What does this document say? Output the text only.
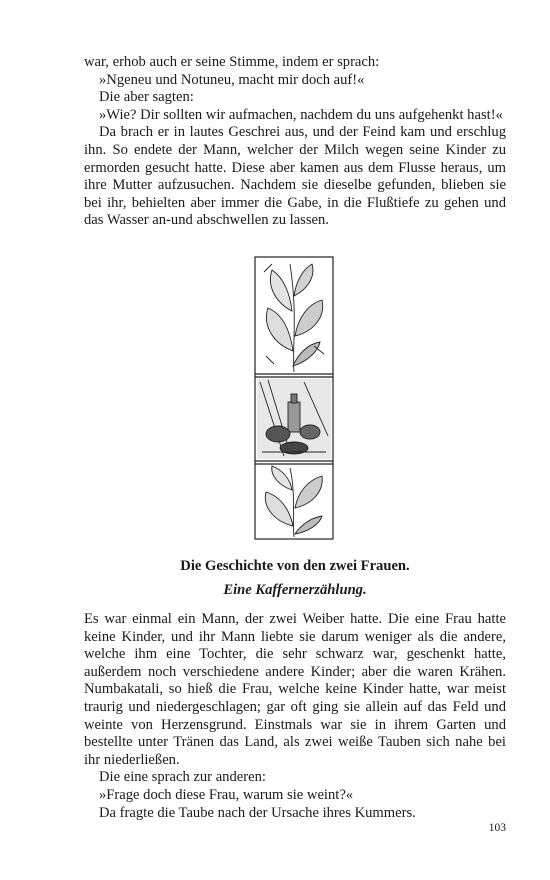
war, erhob auch er seine Stimme, indem er sprach:

»Ngeneu und Notuneu, macht mir doch auf!«

Die aber sagten:

»Wie? Dir sollten wir aufmachen, nachdem du uns aufgehenkt hast!«

Da brach er in lautes Geschrei aus, und der Feind kam und erschlug ihn. So endete der Mann, welcher der Milch wegen seine Kinder zu ermorden gesucht hatte. Diese aber kamen aus dem Flusse heraus, um ihre Mutter aufzusuchen. Nachdem sie dieselbe gefunden, blieben sie bei ihr, behielten aber immer die Gabe, in die Flußtiefe zu gehen und das Wasser an-und abschwellen zu lassen.

Die Geschichte von den zwei Frauen.
Eine Kaffernerzählung.

Es war einmal ein Mann, der zwei Weiber hatte. Die eine Frau hatte keine Kinder, und ihr Mann liebte sie darum weniger als die andere, welche ihm eine Tochter, die sehr schwarz war, geschenkt hatte, außerdem noch verschiedene andere Kinder; aber die waren Krähen. Numbakatali, so hieß die Frau, welche keine Kinder hatte, war meist traurig und niedergeschlagen; gar oft ging sie allein auf das Feld und weinte von Herzensgrund. Einstmals war sie in ihrem Garten und bestellte unter Tränen das Land, als zwei weiße Tauben sich nahe bei ihr niederließen.

Die eine sprach zur anderen:

»Frage doch diese Frau, warum sie weint?«

Da fragte die Taube nach der Ursache ihres Kummers.

103
